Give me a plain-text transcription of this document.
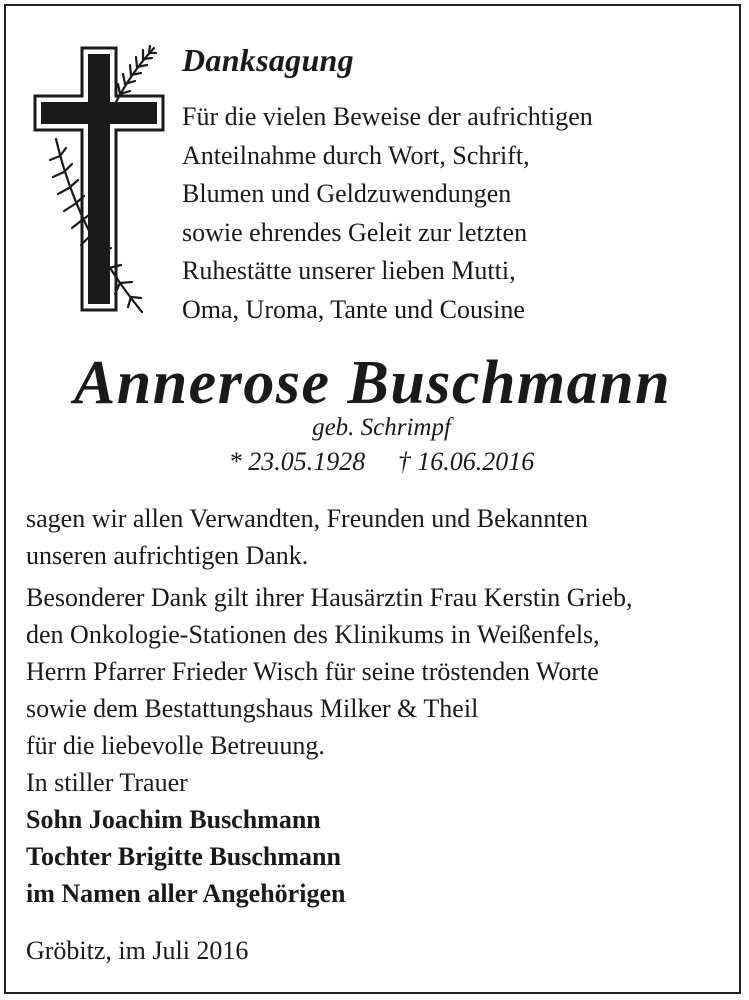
Danksagung
Für die vielen Beweise der aufrichtigen
Anteilnahme durch Wort, Schrift,
Blumen und Geldzuwendungen
sowie ehrendes Geleit zur letzten
Ruhestätte unserer lieben Mutti,
Oma, Uroma, Tante und Cousine
Annerose Buschmann
geb. Schrimpf
* 23.05.1928 † 16.06.2016
sagen wir allen Verwandten, Freunden und Bekannten
unseren aufrichtigen Dank.
Besonderer Dank gilt ihrer Hausärztin Frau Kerstin Grieb,
den Onkologie-Stationen des Klinikums in Weißenfels,
Herrn Pfarrer Frieder Wisch für seine tröstenden Worte
sowie dem Bestattungshaus Milker & Theil
für die liebevolle Betreuung.
In stiller Trauer
Sohn Joachim Buschmann
Tochter Brigitte Buschmann
im Namen aller Angehörigen
Gröbitz, im Juli 2016
